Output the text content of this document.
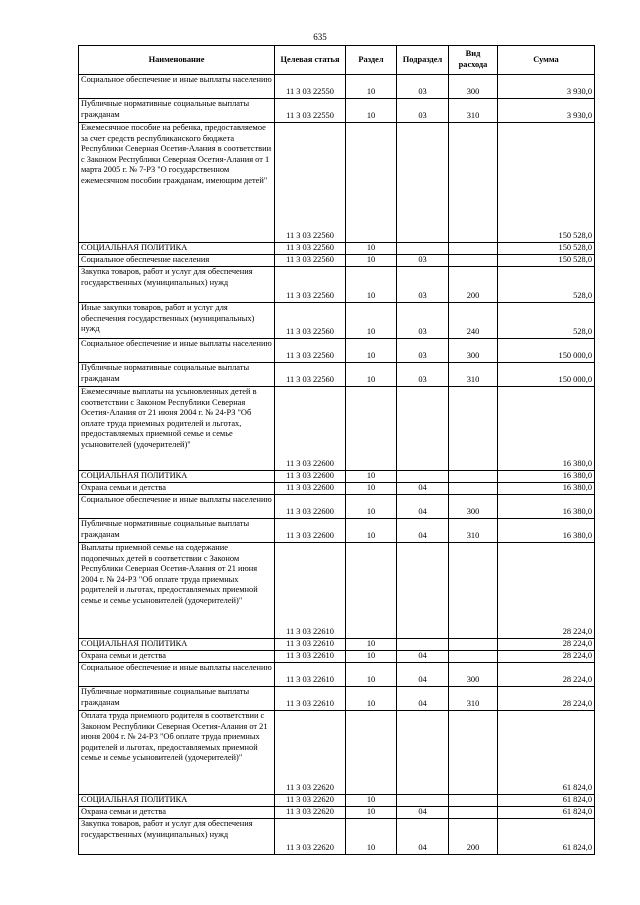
635
Наименование	Целевая статья	Раздел	Подраздел	Вид расхода	Сумма
Социальное обеспечение и иные выплаты населению	11 3 03 22550	10	03	300	3 930,0
Публичные нормативные социальные выплаты гражданам	11 3 03 22550	10	03	310	3 930,0
Ежемесячное пособие на ребенка, предоставляемое за счет средств республиканского бюджета Республики Северная Осетия-Алания в соответствии с Законом Республики Северная Осетия-Алания от 1 марта 2005 г. № 7-РЗ "О государственном ежемесячном пособии гражданам, имеющим детей"	11 3 03 22560				150 528,0
СОЦИАЛЬНАЯ ПОЛИТИКА	11 3 03 22560	10			150 528,0
Социальное обеспечение населения	11 3 03 22560	10	03		150 528,0
Закупка товаров, работ и услуг для обеспечения государственных (муниципальных) нужд	11 3 03 22560	10	03	200	528,0
Иные закупки товаров, работ и услуг для обеспечения государственных (муниципальных) нужд	11 3 03 22560	10	03	240	528,0
Социальное обеспечение и иные выплаты населению	11 3 03 22560	10	03	300	150 000,0
Публичные нормативные социальные выплаты гражданам	11 3 03 22560	10	03	310	150 000,0
Ежемесячные выплаты на усыновленных детей в соответствии с Законом Республики Северная Осетия-Алания от 21 июня 2004 г. № 24-РЗ "Об оплате труда приемных родителей и льготах, предоставляемых приемной семье и семье усыновителей (удочерителей)"	11 3 03 22600				16 380,0
СОЦИАЛЬНАЯ ПОЛИТИКА	11 3 03 22600	10			16 380,0
Охрана семьи и детства	11 3 03 22600	10	04		16 380,0
Социальное обеспечение и иные выплаты населению	11 3 03 22600	10	04	300	16 380,0
Публичные нормативные социальные выплаты гражданам	11 3 03 22600	10	04	310	16 380,0
Выплаты приемной семье на содержание подопечных детей в соответствии с Законом Республики Северная Осетия-Алания от 21 июня 2004 г. № 24-РЗ "Об оплате труда приемных родителей и льготах, предоставляемых приемной семье и семье усыновителей (удочерителей)"	11 3 03 22610				28 224,0
СОЦИАЛЬНАЯ ПОЛИТИКА	11 3 03 22610	10			28 224,0
Охрана семьи и детства	11 3 03 22610	10	04		28 224,0
Социальное обеспечение и иные выплаты населению	11 3 03 22610	10	04	300	28 224,0
Публичные нормативные социальные выплаты гражданам	11 3 03 22610	10	04	310	28 224,0
Оплата труда приемного родителя в соответствии с Законом Республики Северная Осетия-Алания от 21 июня 2004 г. № 24-РЗ "Об оплате труда приемных родителей и льготах, предоставляемых приемной семье и семье усыновителей (удочерителей)"	11 3 03 22620				61 824,0
СОЦИАЛЬНАЯ ПОЛИТИКА	11 3 03 22620	10			61 824,0
Охрана семьи и детства	11 3 03 22620	10	04		61 824,0
Закупка товаров, работ и услуг для обеспечения государственных (муниципальных) нужд	11 3 03 22620	10	04	200	61 824,0
